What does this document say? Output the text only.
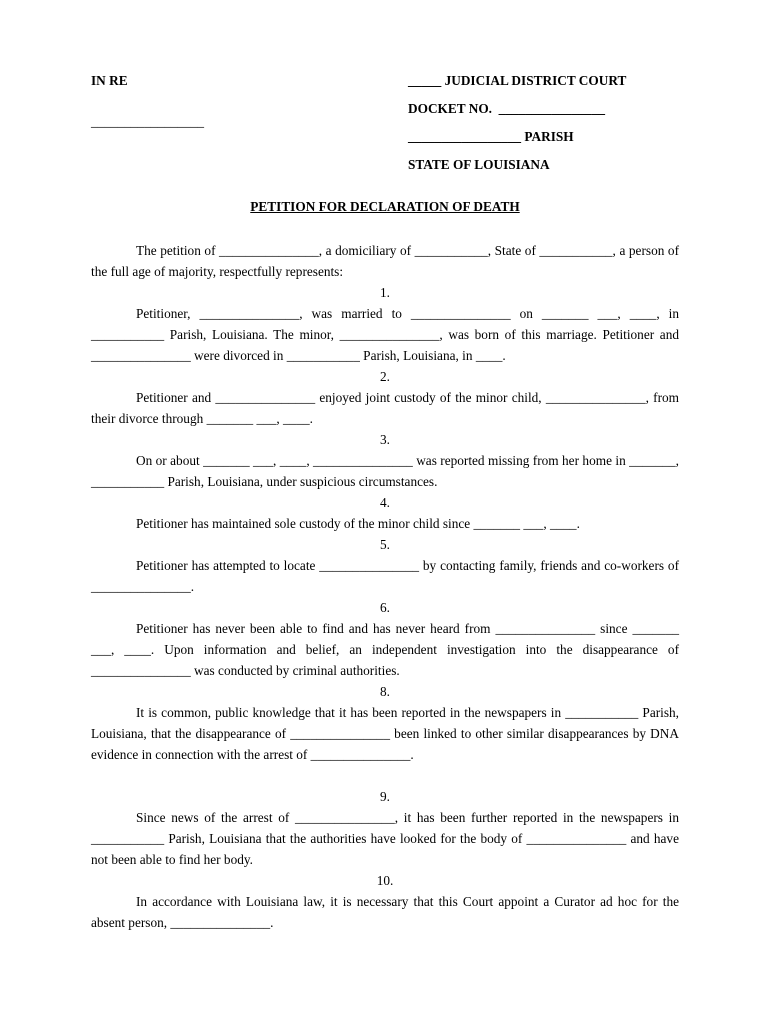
IN RE
_________________
_____ JUDICIAL DISTRICT COURT
DOCKET NO.  ________________
_________________ PARISH
STATE OF LOUISIANA
PETITION FOR DECLARATION OF DEATH

The petition of _______________, a domiciliary of ___________, State of ___________, a person of the full age of majority, respectfully represents:

1.

Petitioner, _______________, was married to _______________ on _______ ___, ____, in ___________ Parish, Louisiana. The minor, _______________, was born of this marriage. Petitioner and _______________ were divorced in ___________ Parish, Louisiana, in ____.

2.

Petitioner and _______________ enjoyed joint custody of the minor child, _______________, from their divorce through _______ ___, ____.

3.

On or about _______ ___, ____, _______________ was reported missing from her home in _______, ___________ Parish, Louisiana, under suspicious circumstances.

4.

Petitioner has maintained sole custody of the minor child since _______ ___, ____.

5.

Petitioner has attempted to locate _______________ by contacting family, friends and co-workers of _______________.

6.

Petitioner has never been able to find and has never heard from _______________ since _______ ___, ____. Upon information and belief, an independent investigation into the disappearance of _______________ was conducted by criminal authorities.

8.

It is common, public knowledge that it has been reported in the newspapers in ___________ Parish, Louisiana, that the disappearance of _______________ been linked to other similar disappearances by DNA evidence in connection with the arrest of _______________.

9.

Since news of the arrest of _______________, it has been further reported in the newspapers in ___________ Parish, Louisiana that the authorities have looked for the body of _______________ and have not been able to find her body.

10.

In accordance with Louisiana law, it is necessary that this Court appoint a Curator ad hoc for the absent person, _______________.
